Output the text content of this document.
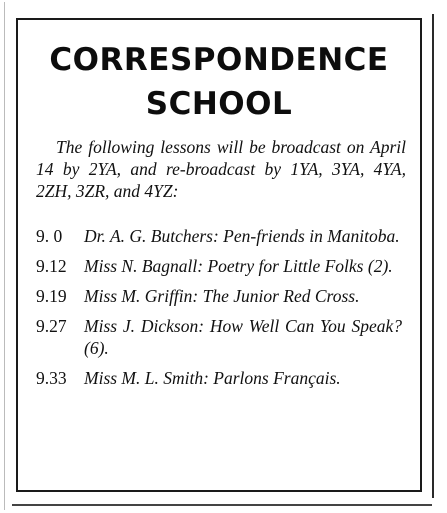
CORRESPONDENCE
SCHOOL

The following lessons will be broadcast on April 14 by 2YA, and re-broadcast by 1YA, 3YA, 4YA, 2ZH, 3ZR, and 4YZ:

9. 0	Dr. A. G. Butchers: Pen-friends in Manitoba.
9.12 Miss N. Bagnall: Poetry for Little Folks (2).
9.19 Miss M. Griffin: The Junior Red Cross.
9.27 Miss J. Dickson: How Well Can You Speak? (6).
9.33 Miss M. L. Smith: Parlons Français.
